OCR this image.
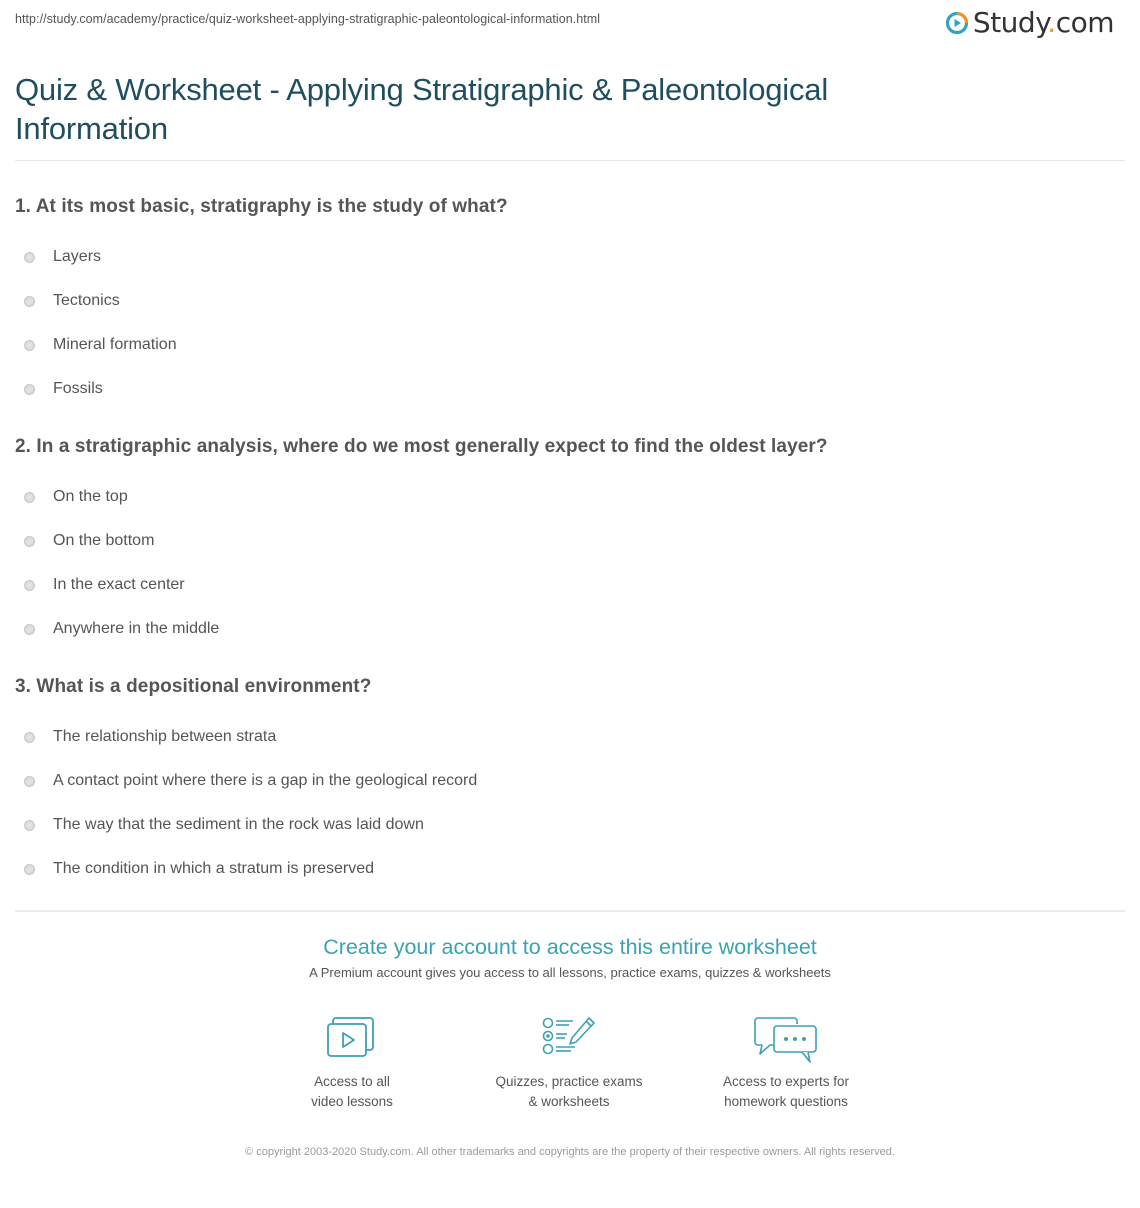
http://study.com/academy/practice/quiz-worksheet-applying-stratigraphic-paleontological-information.html	Study.com
Quiz & Worksheet - Applying Stratigraphic & Paleontological Information
1. At its most basic, stratigraphy is the study of what?
Layers
Tectonics
Mineral formation
Fossils
2. In a stratigraphic analysis, where do we most generally expect to find the oldest layer?
On the top
On the bottom
In the exact center
Anywhere in the middle
3. What is a depositional environment?
The relationship between strata
A contact point where there is a gap in the geological record
The way that the sediment in the rock was laid down
The condition in which a stratum is preserved
Create your account to access this entire worksheet
A Premium account gives you access to all lessons, practice exams, quizzes & worksheets
Access to all
video lessons
Quizzes, practice exams
& worksheets
Access to experts for
homework questions
© copyright 2003-2020 Study.com. All other trademarks and copyrights are the property of their respective owners. All rights reserved.
